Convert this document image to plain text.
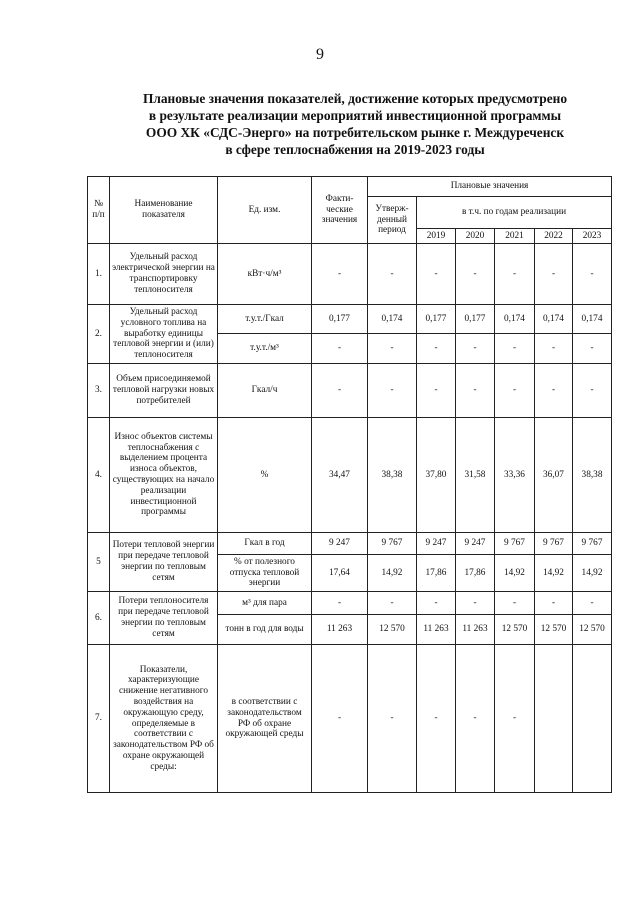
9
Плановые значения показателей, достижение которых предусмотрено
в результате реализации мероприятий инвестиционной программы
ООО ХК «СДС-Энерго» на потребительском рынке г. Междуреченск
в сфере теплоснабжения на 2019-2023 годы
№ п/п	Наименование показателя	Ед. изм.	Факти-ческие значения	Плановые значения					
				Утверж-денный период	в т.ч. по годам реализации				
					2019	2020	2021	2022	2023
1.	Удельный расход электрической энергии на транспортировку теплоносителя	кВт·ч/м³	-	-	-	-	-	-	-
2.	Удельный расход условного топлива на выработку единицы тепловой энергии и (или) теплоносителя	т.у.т./Гкал	0,177	0,174	0,177	0,177	0,174	0,174	0,174
		т.у.т./м³	-	-	-	-	-	-	-
3.	Объем присоединяемой тепловой нагрузки новых потребителей	Гкал/ч	-	-	-	-	-	-	-
4.	Износ объектов системы теплоснабжения с выделением процента износа объектов, существующих на начало реализации инвестиционной программы	%	34,47	38,38	37,80	31,58	33,36	36,07	38,38
5	Потери тепловой энергии при передаче тепловой энергии по тепловым сетям	Гкал в год	9 247	9 767	9 247	9 247	9 767	9 767	9 767
		% от полезного отпуска тепловой энергии	17,64	14,92	17,86	17,86	14,92	14,92	14,92
6.	Потери теплоносителя при передаче тепловой энергии по тепловым сетям	м³ для пара	-	-	-	-	-	-	-
		тонн в год для воды	11 263	12 570	11 263	11 263	12 570	12 570	12 570
7.	Показатели, характеризующие снижение негативного воздействия на окружающую среду, определяемые в соответствии с законодательством РФ об охране окружающей среды:	в соответствии с законодательством РФ об охране окружающей среды	-	-	-	-	-		
